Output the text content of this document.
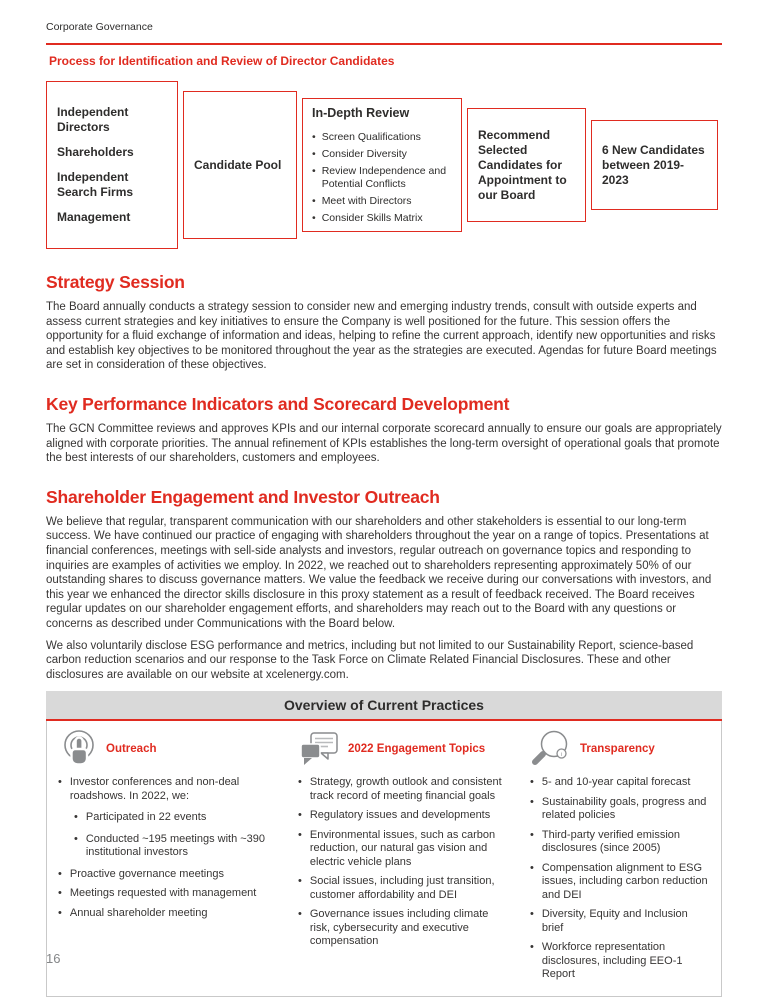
Corporate Governance
Process for Identification and Review of Director Candidates
Independent Directors
Shareholders
Independent Search Firms
Management
Candidate Pool
In-Depth Review
• Screen Qualifications
• Consider Diversity
• Review Independence and Potential Conflicts
• Meet with Directors
• Consider Skills Matrix
Recommend Selected Candidates for Appointment to our Board
6 New Candidates between 2019-2023
Strategy Session
The Board annually conducts a strategy session to consider new and emerging industry trends, consult with outside experts and assess current strategies and key initiatives to ensure the Company is well positioned for the future. This session offers the opportunity for a fluid exchange of information and ideas, helping to refine the current approach, identify new opportunities and risks and establish key objectives to be monitored throughout the year as the strategies are executed. Agendas for future Board meetings are set in consideration of these objectives.
Key Performance Indicators and Scorecard Development
The GCN Committee reviews and approves KPIs and our internal corporate scorecard annually to ensure our goals are appropriately aligned with corporate priorities. The annual refinement of KPIs establishes the long-term oversight of operational goals that promote the best interests of our shareholders, customers and employees.
Shareholder Engagement and Investor Outreach
We believe that regular, transparent communication with our shareholders and other stakeholders is essential to our long-term success. We have continued our practice of engaging with shareholders throughout the year on a range of topics. Presentations at financial conferences, meetings with sell-side analysts and investors, regular outreach on governance topics and responding to inquiries are examples of activities we employ. In 2022, we reached out to shareholders representing approximately 50% of our outstanding shares to discuss governance matters. We value the feedback we receive during our conversations with investors, and this year we enhanced the director skills disclosure in this proxy statement as a result of feedback received. The Board receives regular updates on our shareholder engagement efforts, and shareholders may reach out to the Board with any questions or concerns as described under Communications with the Board below.
We also voluntarily disclose ESG performance and metrics, including but not limited to our Sustainability Report, science-based carbon reduction scenarios and our response to the Task Force on Climate Related Financial Disclosures. These and other disclosures are available on our website at xcelenergy.com.
Overview of Current Practices
Outreach
• Investor conferences and non-deal roadshows. In 2022, we:
• Participated in 22 events
• Conducted ~195 meetings with ~390 institutional investors
• Proactive governance meetings
• Meetings requested with management
• Annual shareholder meeting
2022 Engagement Topics
• Strategy, growth outlook and consistent track record of meeting financial goals
• Regulatory issues and developments
• Environmental issues, such as carbon reduction, our natural gas vision and electric vehicle plans
• Social issues, including just transition, customer affordability and DEI
• Governance issues including climate risk, cybersecurity and executive compensation
i Transparency
• 5- and 10-year capital forecast
• Sustainability goals, progress and related policies
• Third-party verified emission disclosures (since 2005)
• Compensation alignment to ESG issues, including carbon reduction and DEI
• Diversity, Equity and Inclusion brief
• Workforce representation disclosures, including EEO-1 Report
16
